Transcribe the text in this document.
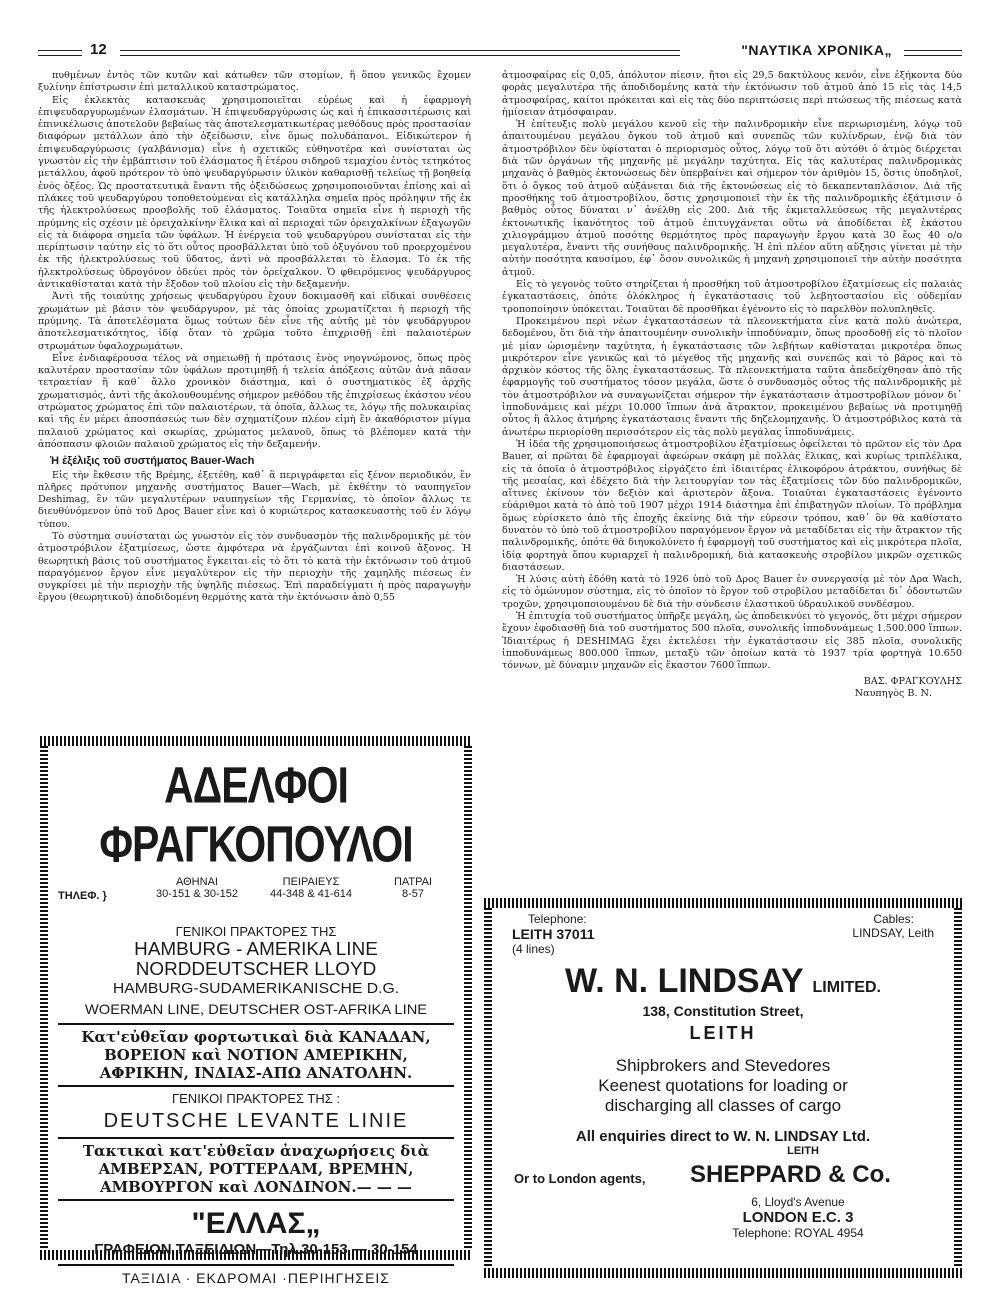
12	"ΝΑΥΤΙΚΑ ΧΡΟΝΙΚΑ„

πυθμένων ἐντὸς τῶν κυτῶν καὶ κάτωθεν τῶν στομίων, ἢ ὅπου γενικῶς ἔχομεν ξυλίνην ἐπίστρωσιν ἐπὶ μεταλλικοῦ καταστρώματος.

Εἰς ἐκλεκτὰς κατασκευὰς χρησιμοποιεῖται εὐρέως καὶ ἡ ἐφαρμογὴ ἐπιψευδαργυρωμένων ἐλασμάτων. Ἡ ἐπιψευδαργύρωσις ὡς καὶ ἡ ἐπικασσιτέρωσις καὶ ἐπινικέλωσις ἀποτελοῦν βεβαίως τὰς ἀποτελεσματικωτέρας μεθόδους πρὸς προστασίαν διαφόρων μετάλλων ἀπὸ τὴν ὀξείδωσιν, εἶνε ὅμως πολυδάπανοι. Εἰδικώτερον ἡ ἐπιψευδαργύρωσις (γαλβάνισμα) εἶνε ἡ σχετικῶς εὐθηνοτέρα καὶ συνίσταται ὡς γνωστὸν εἰς τὴν ἐμβάπτισιν τοῦ ἐλάσματος ἢ ἑτέρου σιδηροῦ τεμαχίου ἐντὸς τετηκότος μετάλλου, ἀφοῦ πρότερον τὸ ὑπὸ ψευδαργύρωσιν ὑλικὸν καθαρισθῇ τελείως τῇ βοηθείᾳ ἑνὸς ὀξέος. Ὡς προστατευτικὰ ἔναντι τῆς ὀξειδώσεως χρησιμοποιοῦνται ἐπίσης καὶ αἱ πλάκες τοῦ ψευδαργύρου τοποθετούμεναι εἰς κατάλληλα σημεῖα πρὸς πρόληψιν τῆς ἐκ τῆς ἠλεκτρολύσεως προσβολῆς τοῦ ἐλάσματος. Τοιαῦτα σημεῖα εἶνε ἡ περιοχὴ τῆς πρύμνης εἰς σχέσιν μὲ ὀρειχαλκίνην ἕλικα καὶ αἱ περιοχαὶ τῶν ὀρειχαλκίνων ἐξαγωγῶν εἰς τὰ διάφορα σημεῖα τῶν ὑφάλων. Ἡ ἐνέργεια τοῦ ψευδαργύρου συνίσταται εἰς τὴν περίπτωσιν ταύτην εἰς τὸ ὅτι οὗτος προσβάλλεται ὑπὸ τοῦ ὀξυγόνου τοῦ προερχομένου ἐκ τῆς ἠλεκτρολύσεως τοῦ ὕδατος, ἀντὶ νὰ προσβάλλεται τὸ ἔλασμα. Τὸ ἐκ τῆς ἠλεκτρολύσεως ὑδρογόνον ὁδεύει πρὸς τὸν ὀρείχαλκον. Ὁ φθειρόμενος ψευδάργυρος ἀντικαθίσταται κατὰ τὴν ἔξοδον τοῦ πλοίου εἰς τὴν δεξαμενήν.

Ἀντὶ τῆς τοιαύτης χρήσεως ψευδαργύρου ἔχουν δοκιμασθῆ καὶ εἰδικαὶ συνθέσεις χρωμάτων μὲ βάσιν τὸν ψευδάργυρον, μὲ τὰς ὁποίας χρωματίζεται ἡ περιοχὴ τῆς πρύμνης. Τὰ ἀποτελέσματα ὅμως τούτων δὲν εἶνε τῆς αὐτῆς μὲ τὸν ψευδάργυρον ἀποτελεσματικότητος, ἰδίᾳ ὅταν τὸ χρῶμα τοῦτο ἐπιχρισθῇ ἐπὶ παλαιοτέρων στρωμάτων ὑφαλοχρωμάτων.

Εἶνε ἐνδιαφέρουσα τέλος νὰ σημειωθῇ ἡ πρότασις ἑνὸς νηογνώμονος, ὅπως πρὸς καλυτέραν προστασίαν τῶν ὑφάλων προτιμηθῇ ἡ τελεία ἀπόξεσις αὐτῶν ἀνὰ πᾶσαν τετραετίαν ἢ καθ᾽ ἄλλο χρονικὸν διάστημα, καὶ ὁ συστηματικὸς ἐξ ἀρχῆς χρωματισμός, ἀντὶ τῆς ἀκολουθουμένης σήμερον μεθόδου τῆς ἐπιχρίσεως ἑκάστου νέου στρώματος χρώματος ἐπὶ τῶν παλαιοτέρων, τὰ ὁποῖα, ἄλλως τε, λόγῳ τῆς πολυκαιρίας καὶ τῆς ἐν μέρει ἀποσπάσεώς των δὲν σχηματίζουν πλέον εἰμὴ ἓν ἀκαθόριστον μίγμα παλαιοῦ χρώματος καὶ σκωρίας, χρώματος μελανοῦ, ὅπως τὸ βλέπομεν κατὰ τὴν ἀπόσπασιν φλοιῶν παλαιοῦ χρώματος εἰς τὴν δεξαμενήν.

Ἡ ἐξέλιξις τοῦ συστήματος Bauer-Wach

Εἰς τὴν ἔκθεσιν τῆς Βρέμης, ἐξετέθη, καθ᾽ ἃ περιγράφεται εἰς ξένον περιοδικόν, ἓν πλῆρες πρότυπον μηχανῆς συστήματος Bauer—Wach, μὲ ἐκθέτην τὸ ναυπηγεῖον Deshimag, ἓν τῶν μεγαλυτέρων ναυπηγείων τῆς Γερμανίας, τὸ ὁποῖον ἄλλως τε διευθύνόμενον ὑπὸ τοῦ Δρος Bauer εἶνε καὶ ὁ κυριώτερος κατασκευαστὴς τοῦ ἐν λόγῳ τύπου.

Τὸ σύστημα συνίσταται ὡς γνωστὸν εἰς τὸν συνδυασμὸν τῆς παλινδρομικῆς μὲ τὸν ἀτμοστρόβιλον ἐξατμίσεως, ὥστε ἀμφότερα νὰ ἐργάζωνται ἐπὶ κοινοῦ ἄξονος. Ἡ θεωρητικὴ βάσις τοῦ συστήματος ἔγκειται εἰς τὸ ὅτι τὸ κατὰ τὴν ἐκτόνωσιν τοῦ ἀτμοῦ παραγόμενον ἔργον εἶνε μεγαλύτερον εἰς τὴν περιοχὴν τῆς χαμηλῆς πιέσεως ἐν συγκρίσει μὲ τὴν περιοχὴν τῆς ὑψηλῆς πιέσεως. Ἐπὶ παραδείγματι ἡ πρὸς παραγωγὴν ἔργου (θεωρητικοῦ) ἀποδιδομένη θερμότης κατὰ τὴν ἐκτόνωσιν ἀπὸ 0,55

ἀτμοσφαίρας εἰς 0,05, ἀπόλυτον πίεσιν, ἤτοι εἰς 29,5 δακτύλους κενόν, εἶνε ἑξήκοντα δύο φορὰς μεγαλυτέρα τῆς ἀποδιδομένης κατὰ τὴν ἐκτόνωσιν τοῦ ἀτμοῦ ἀπὸ 15 εἰς τὰς 14,5 ἀτμοσφαίρας, καίτοι πρόκειται καὶ εἰς τὰς δύο περιπτώσεις περὶ πτώσεως τῆς πιέσεως κατὰ ἡμίσειαν ἀτμόσφαιραν.

Ἡ ἐπίτευξις πολὺ μεγάλου κενοῦ εἰς τὴν παλινδρομικὴν εἶνε περιωρισμένη, λόγῳ τοῦ ἀπαιτουμένου μεγάλου ὄγκου τοῦ ἀτμοῦ καὶ συνεπῶς τῶν κυλίνδρων, ἐνῷ διὰ τὸν ἀτμοστρόβιλον δὲν ὑφίσταται ὁ περιορισμὸς οὗτος, λόγῳ τοῦ ὅτι αὐτόθι ὁ ἀτμὸς διέρχεται διὰ τῶν ὀργάνων τῆς μηχανῆς μὲ μεγάλην ταχύτητα. Εἰς τὰς καλυτέρας παλινδρομικὰς μηχανὰς ὁ βαθμὸς ἐκτονώσεως δὲν ὑπερβαίνει καὶ σήμερον τὸν ἀριθμὸν 15, ὅστις ὑποδηλοῖ, ὅτι ὁ ὄγκος τοῦ ἀτμοῦ αὐξάνεται διὰ τῆς ἐκτονώσεως εἰς τὸ δεκαπενταπλάσιον. Διὰ τῆς προσθήκης τοῦ ἀτμοστροβίλου, ὅστις χρησιμοποιεῖ τὴν ἐκ τῆς παλινδρομικῆς ἐξάτμισιν ὁ βαθμὸς οὗτος δύναται ν᾽ ἀνέλθῃ εἰς 200. Διὰ τῆς ἐκμεταλλεύσεως τῆς μεγαλυτέρας ἐκτονωτικῆς ἱκανότητος τοῦ ἀτμοῦ ἐπιτυγχάνεται οὕτω νὰ ἀποδίδεται ἐξ ἑκάστου χιλιογράμμου ἀτμοῦ ποσότης θερμότητος πρὸς παραγωγὴν ἔργου κατὰ 30 ἕως 40 ο/ο μεγαλυτέρα, ἔναντι τῆς συνήθους παλινδρομικῆς. Ἡ ἐπὶ πλέον αὕτη αὔξησις γίνεται μὲ τὴν αὐτὴν ποσότητα καυσίμου, ἐφ᾽ ὅσον συνολικῶς ἡ μηχανὴ χρησιμοποιεῖ τὴν αὐτὴν ποσότητα ἀτμοῦ.

Εἰς τὸ γεγονὸς τοῦτο στηρίζεται ἡ προσθήκη τοῦ ἀτμοστροβίλου ἐξατμίσεως εἰς παλαιὰς ἐγκαταστάσεις, ὁπότε ὁλόκληρος ἡ ἐγκατάστασις τοῦ λεβητοστασίου εἰς οὐδεμίαν τροποποίησιν ὑπόκειται. Τοιαῦται δὲ προσθῆκαι ἐγένοντο εἰς τὸ παρελθὸν πολυπληθεῖς.

Προκειμένου περὶ νέων ἐγκαταστάσεων τὰ πλεονεκτήματα εἶνε κατὰ πολὺ ἀνώτερα, δεδομένου, ὅτι διὰ τὴν ἀπαιτουμένην συνολικὴν ἱπποδύναμιν, ὅπως προσδοθῇ εἰς τὸ πλοῖον μὲ μίαν ὡρισμένην ταχύτητα, ἡ ἐγκατάστασις τῶν λεβήτων καθίσταται μικροτέρα ὅπως μικρότερον εἶνε γενικῶς καὶ τὸ μέγεθος τῆς μηχανῆς καὶ συνεπῶς καὶ τὸ βάρος καὶ τὸ ἀρχικὸν κόστος τῆς ὅλης ἐγκαταστάσεως. Τὰ πλεονεκτήματα ταῦτα ἀπεδείχθησαν ἀπὸ τῆς ἐφαρμογῆς τοῦ συστήματος τόσον μεγάλα, ὥστε ὁ συνδυασμὸς οὗτος τῆς παλινδρομικῆς μὲ τὸν ἀτμοστρόβιλον νὰ συναγωνίζεται σήμερον τὴν ἐγκατάστασιν ἀτμοστροβίλων μόνον δι᾽ ἱπποδυνάμεις καὶ μέχρι 10.000 ἵππων ἀνὰ ἄτρακτον, προκειμένου βεβαίως νὰ προτιμηθῇ οὗτος ἢ ἄλλος ἀτμήρης ἐγκατάστασις ἔναντι τῆς δηζελομηχανῆς. Ὁ ἀτμοστρόβιλος κατὰ τὰ ἀνωτέρω περιορίσθη περισσότερον εἰς τὰς πολὺ μεγάλας ἱπποδυνάμεις.

Ἡ ἰδέα τῆς χρησιμοποιήσεως ἀτμοστροβίλου ἐξατμίσεως ὀφείλεται τὸ πρῶτον εἰς τὸν Δρα Bauer, αἱ πρῶται δὲ ἐφαρμογαὶ ἀφεώρων σκάφη μὲ πολλὰς ἕλικας, καὶ κυρίως τριπλέλικα, εἰς τὰ ὁποῖα ὁ ἀτμοστρόβιλος εἰργάζετο ἐπὶ ἰδιαιτέρας ἑλικοφόρου ἀτράκτου, συνήθως δὲ τῆς μεσαίας, καὶ ἐδέχετο διὰ τὴν λειτουργίαν τον τὰς ἐξατμίσεις τῶν δύο παλινδρομικῶν, αἵτινες ἐκίνουν τὸν δεξιὸν καὶ ἀριστερὸν ἄξονα. Τοιαῦται ἐγκαταστάσεις ἐγένοντο εὐάριθμοι κατὰ τὸ ἀπὸ τοῦ 1907 μέχρι 1914 διάστημα ἐπὶ ἐπιβατηγῶν πλοίων. Τὸ πρόβλημα ὅμως εὑρίσκετο ἀπὸ τῆς ἐποχῆς ἐκείνης διὰ τὴν εὑρεσιν τρόπου, καθ᾽ ὃν θὰ καθίστατο δυνατὸν τὸ ὑπὸ τοῦ ἀτμοστροβίλου παραγόμενον ἔργον νὰ μεταδίδεται εἰς τὴν ἄτρακτον τῆς παλινδρομικῆς, ὁπότε θὰ διηυκολύνετο ἡ ἐφαρμογὴ τοῦ συστήματος καὶ εἰς μικρότερα πλοῖα, ἰδίᾳ φορτηγὰ ὅπου κυριαρχεῖ ἡ παλινδρομική, διὰ κατασκευὴς στροβίλου μικρῶν σχετικῶς διαστάσεων.

Ἡ λύσις αὐτὴ ἐδόθη κατὰ τὸ 1926 ὑπὸ τοῦ Δρος Bauer ἐν συνεργασίᾳ μὲ τὸν Δρα Wach, εἰς τὸ ὁμώνυμον σύστημα, εἰς τὸ ὁποῖον τὸ ἔργον τοῦ στροβίλου μεταδίδεται δι᾽ ὀδοντωτῶν τροχῶν, χρησιμοποιουμένου δὲ διὰ τὴν σύνδεσιν ἐλαστικοῦ ὑδραυλικοῦ συνδέσμου.

Ἡ ἐπιτυχία τοῦ συστήματος ὑπῆρξε μεγάλη, ὡς ἀποδεικνύει τὸ γεγονός, ὅτι μέχρι σήμερον ἔχουν ἐφοδιασθῇ διὰ τοῦ συστήματος 500 πλοῖα, συνολικῆς ἱπποδυνάμεως 1.500.000 ἵππων. Ἰδιαιτέρως ἡ DESHIMAG ἔχει ἐκτελέσει τὴν ἐγκατάστασιν εἰς 385 πλοῖα, συνολικῆς ἱπποδυνάμεως 800.000 ἵππων, μεταξὺ τῶν ὁποίων κατὰ τὸ 1937 τρία φορτηγὰ 10.650 τόννων, μὲ δύναμιν μηχανῶν εἰς ἕκαστον 7600 ἵππων.

ΒΑΣ. ΦΡΑΓΚΟΥΛΗΣ
Ναυπηγὸς Β. Ν.
ΑΔΕΛΦΟΙ ΦΡΑΓΚΟΠΟΥΛΟΙ
ΤΗΛΕΦ. }
ΑΘΗΝΑΙ
30-151 & 30-152
ΠΕΙΡΑΙΕΥΣ
44-348 & 41-614
ΠΑΤΡΑΙ
8-57
ΓΕΝΙΚΟΙ ΠΡΑΚΤΟΡΕΣ ΤΗΣ
HAMBURG - AMERIKA LINE
NORDDEUTSCHER LLOYD
HAMBURG-SUDAMERIKANISCHE D.G.
WOERMAN LINE, DEUTSCHER OST-AFRIKA LINE
Κατ'εὐθεῖαν φορτωτικαὶ διὰ ΚΑΝΑΔΑΝ,
ΒΟΡΕΙΟΝ καὶ ΝΟΤΙΟΝ ΑΜΕΡΙΚΗΝ,
ΑΦΡΙΚΗΝ, ΙΝΔΙΑΣ-ΑΠΩ ΑΝΑΤΟΛΗΝ.
ΓΕΝΙΚΟΙ ΠΡΑΚΤΟΡΕΣ ΤΗΣ :
DEUTSCHE LEVANTE LINIE
Τακτικαὶ κατ'εὐθεῖαν ἀναχωρήσεις διὰ
ΑΜΒΕΡΣΑΝ, ΡΟΤΤΕΡΔΑΜ, ΒΡΕΜΗΝ,
ΑΜΒΟΥΡΓΟΝ καὶ ΛΟΝΔΙΝΟΝ.— — —
"ΕΛΛΑΣ„
ΓΡΑΦΕΙΟΝ ΤΑΞΕΙΔΙΩΝ—Τηλ.30-153 — 30-154
ΤΑΞΙΔΙΑ · ΕΚΔΡΟΜΑΙ ·ΠΕΡΙΗΓΗΣΕΙΣ
Telephone:
LEITH 37011
(4 lines)
Cables:
LINDSAY, Leith
W. N. LINDSAY LIMITED.
138, Constitution Street,
LEITH
Shipbrokers and Stevedores
Keenest quotations for loading or
discharging all classes of cargo
All enquiries direct to W. N. LINDSAY Ltd.
LEITH
Or to London agents, SHEPPARD & Co.
6, Lloyd's Avenue
LONDON E.C. 3
Telephone: ROYAL 4954
